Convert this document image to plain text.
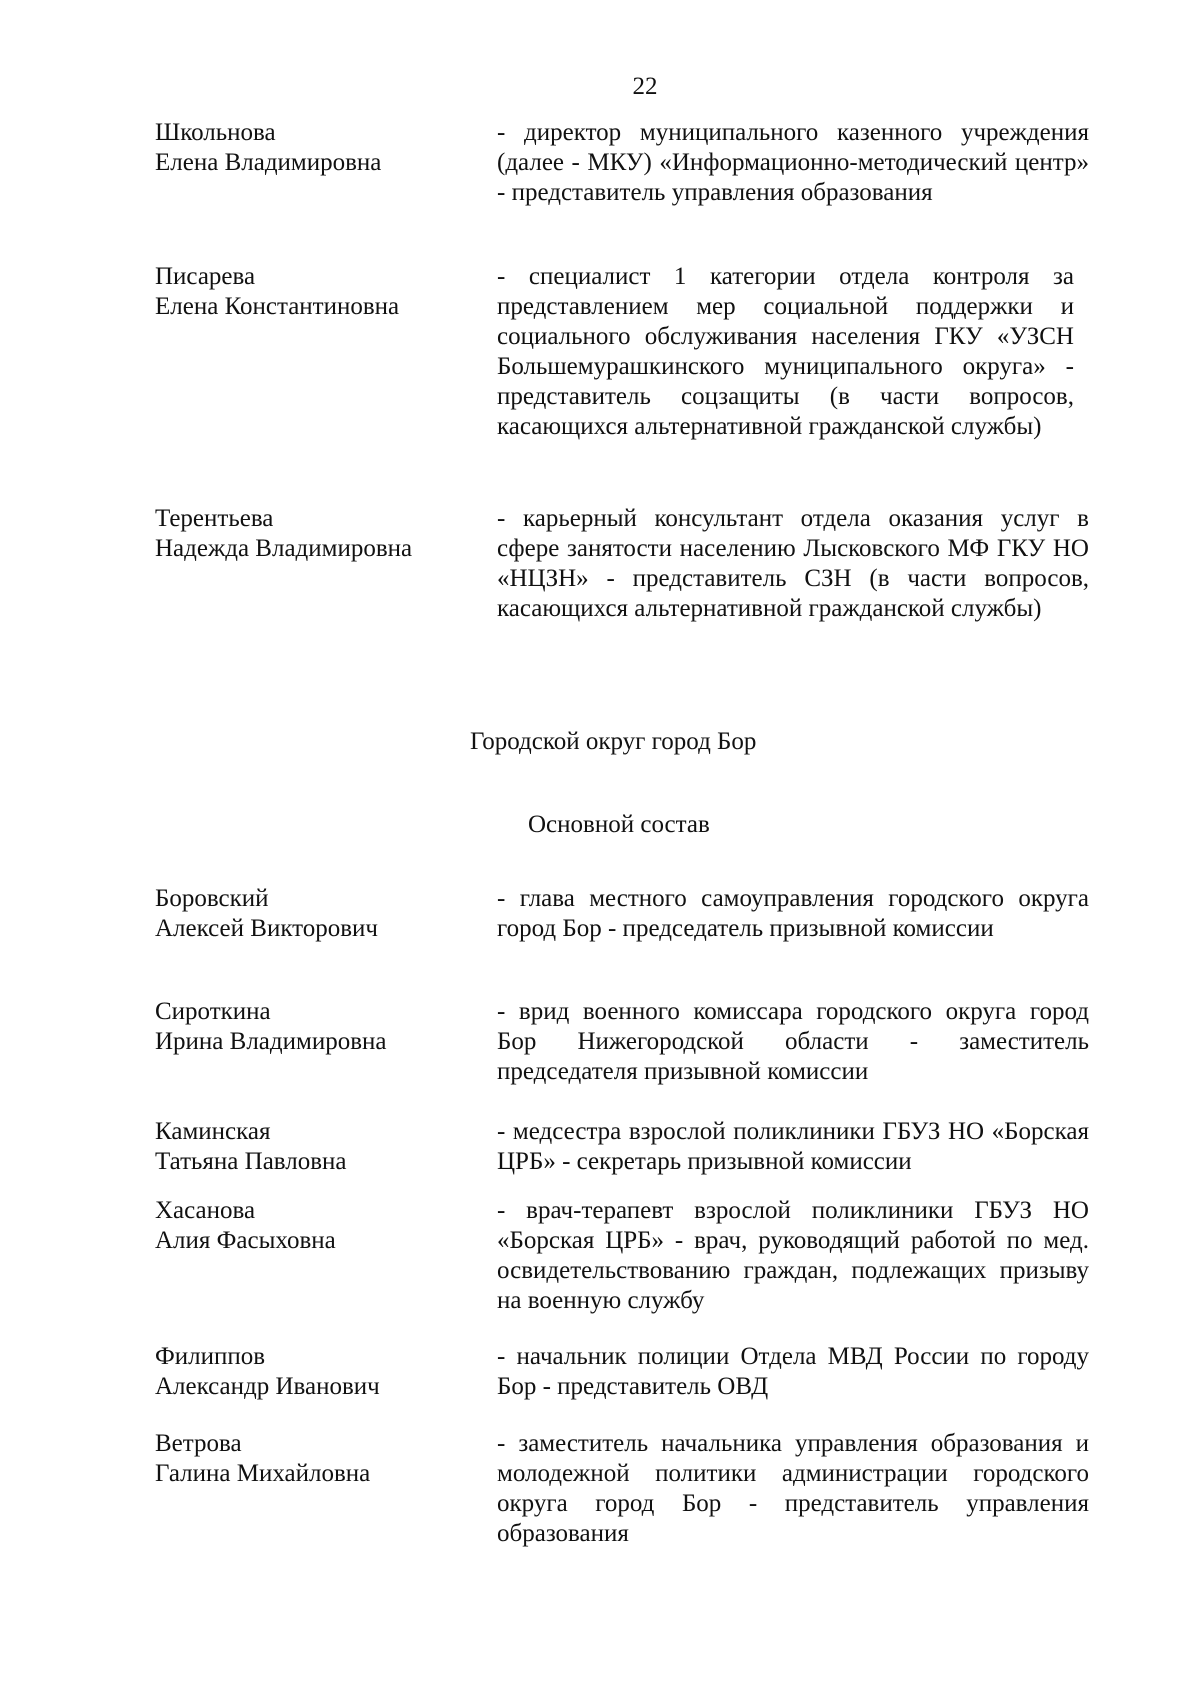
22
Школьнова
Елена Владимировна
- директор муниципального казенного учреждения (далее - МКУ) «Информационно-методический центр» - представитель управления образования
Писарева
Елена Константиновна
- специалист 1 категории отдела контроля за представлением мер социальной поддержки и социального обслуживания населения ГКУ «УЗСН Большемурашкинского муниципального округа» - представитель соцзащиты (в части вопросов, касающихся альтернативной гражданской службы)
Терентьева
Надежда Владимировна
- карьерный консультант отдела оказания услуг в сфере занятости населению Лысковского МФ ГКУ НО «НЦЗН» - представитель СЗН (в части вопросов, касающихся альтернативной гражданской службы)
Городской округ город Бор
Основной состав
Боровский
Алексей Викторович
- глава местного самоуправления городского округа город Бор - председатель призывной комиссии
Сироткина
Ирина Владимировна
- врид военного комиссара городского округа город Бор Нижегородской области - заместитель председателя призывной комиссии
Каминская
Татьяна Павловна
- медсестра взрослой поликлиники ГБУЗ НО «Борская ЦРБ» - секретарь призывной комиссии
Хасанова
Алия Фасыховна
- врач-терапевт взрослой поликлиники ГБУЗ НО «Борская ЦРБ» - врач, руководящий работой по мед. освидетельствованию граждан, подлежащих призыву на военную службу
Филиппов
Александр Иванович
- начальник полиции Отдела МВД России по городу Бор - представитель ОВД
Ветрова
Галина Михайловна
- заместитель начальника управления образования и молодежной политики администрации городского округа город Бор - представитель управления образования
